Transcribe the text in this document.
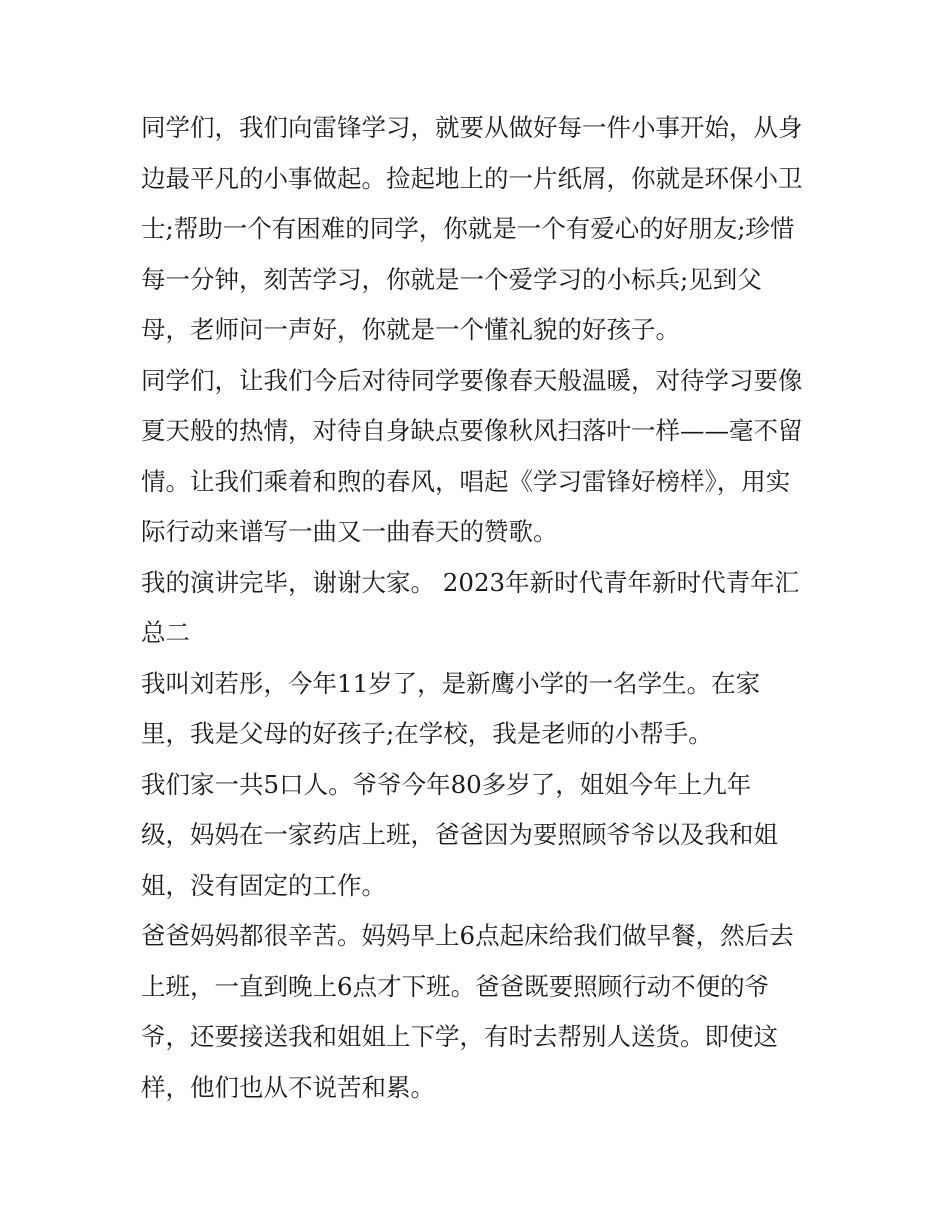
同学们，我们向雷锋学习，就要从做好每一件小事开始，从身
边最平凡的小事做起。捡起地上的一片纸屑，你就是环保小卫
士;帮助一个有困难的同学，你就是一个有爱心的好朋友;珍惜
每一分钟，刻苦学习，你就是一个爱学习的小标兵;见到父
母，老师问一声好，你就是一个懂礼貌的好孩子。
同学们，让我们今后对待同学要像春天般温暖，对待学习要像
夏天般的热情，对待自身缺点要像秋风扫落叶一样——毫不留
情。让我们乘着和煦的春风，唱起《学习雷锋好榜样》，用实
际行动来谱写一曲又一曲春天的赞歌。
我的演讲完毕，谢谢大家。 2023年新时代青年新时代青年汇
总二
我叫刘若彤，今年11岁了，是新鹰小学的一名学生。在家
里，我是父母的好孩子;在学校，我是老师的小帮手。
我们家一共5口人。爷爷今年80多岁了，姐姐今年上九年
级，妈妈在一家药店上班，爸爸因为要照顾爷爷以及我和姐
姐，没有固定的工作。
爸爸妈妈都很辛苦。妈妈早上6点起床给我们做早餐，然后去
上班，一直到晚上6点才下班。爸爸既要照顾行动不便的爷
爷，还要接送我和姐姐上下学，有时去帮别人送货。即使这
样，他们也从不说苦和累。
